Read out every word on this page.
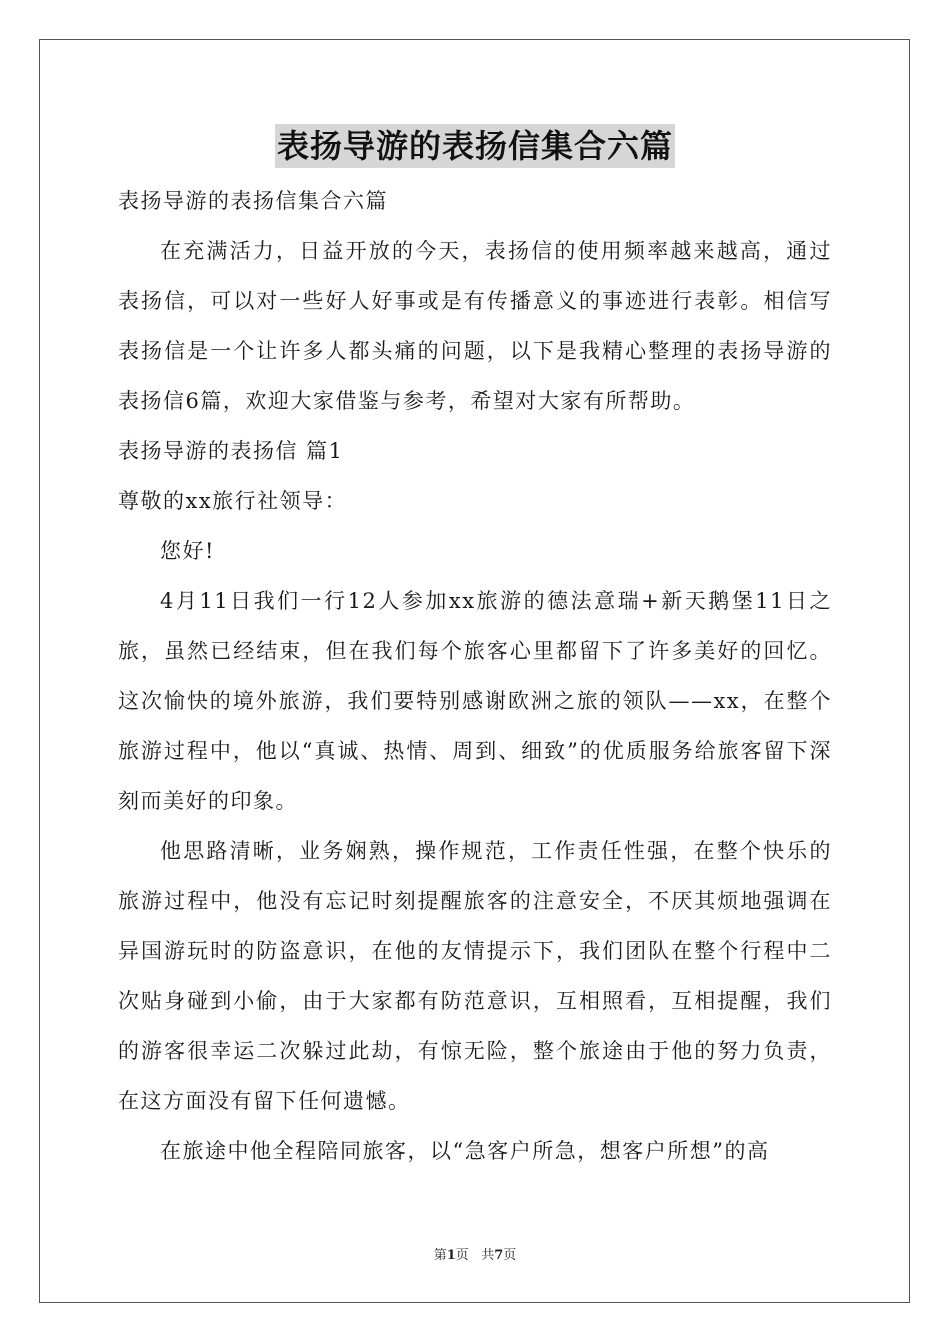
表扬导游的表扬信集合六篇

表扬导游的表扬信集合六篇

在充满活力，日益开放的今天，表扬信的使用频率越来越高，通过表扬信，可以对一些好人好事或是有传播意义的事迹进行表彰。相信写表扬信是一个让许多人都头痛的问题，以下是我精心整理的表扬导游的表扬信6篇，欢迎大家借鉴与参考，希望对大家有所帮助。

表扬导游的表扬信 篇1

尊敬的xx旅行社领导：

您好!

4月11日我们一行12人参加xx旅游的德法意瑞+新天鹅堡11日之旅，虽然已经结束，但在我们每个旅客心里都留下了许多美好的回忆。这次愉快的境外旅游，我们要特别感谢欧洲之旅的领队——xx，在整个旅游过程中，他以“真诚、热情、周到、细致”的优质服务给旅客留下深刻而美好的印象。

他思路清晰，业务娴熟，操作规范，工作责任性强，在整个快乐的旅游过程中，他没有忘记时刻提醒旅客的注意安全，不厌其烦地强调在异国游玩时的防盗意识，在他的友情提示下，我们团队在整个行程中二次贴身碰到小偷，由于大家都有防范意识，互相照看，互相提醒，我们的游客很幸运二次躲过此劫，有惊无险，整个旅途由于他的努力负责，在这方面没有留下任何遗憾。

在旅途中他全程陪同旅客，以“急客户所急，想客户所想”的高

第1页 共7页
